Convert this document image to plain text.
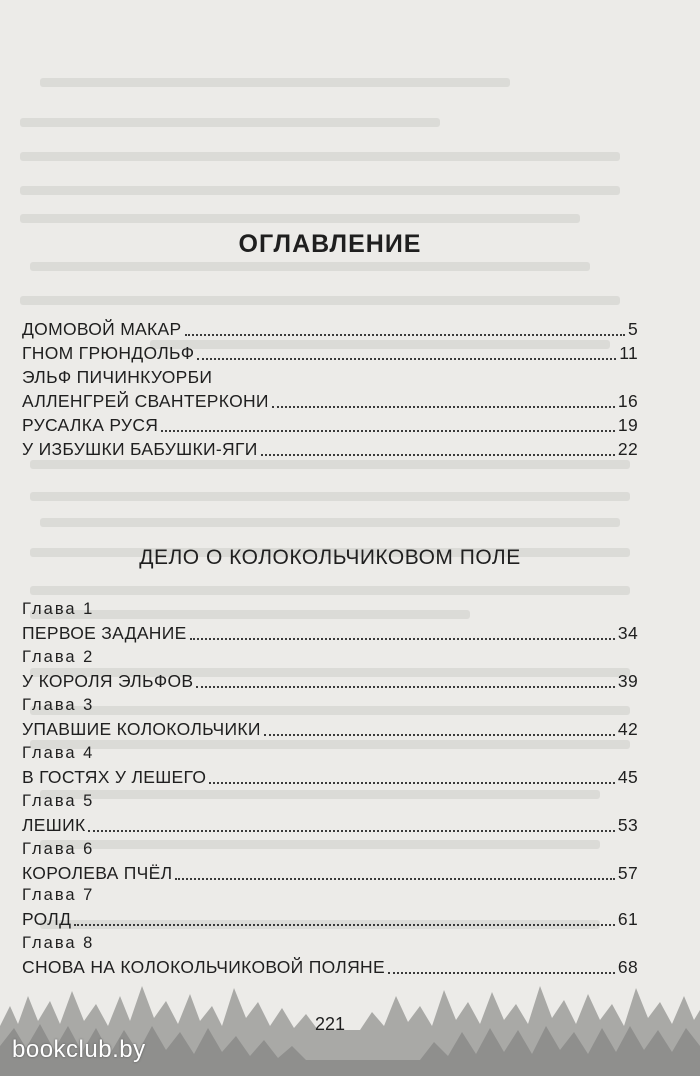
ОГЛАВЛЕНИЕ
ДОМОВОЙ МАКАР	5
ГНОМ ГРЮНДОЛЬФ	11
ЭЛЬФ ПИЧИНКУОРБИ
АЛЛЕНГРЕЙ СВАНТЕРКОНИ	16
РУСАЛКА РУСЯ	19
У ИЗБУШКИ БАБУШКИ-ЯГИ	22
ДЕЛО О КОЛОКОЛЬЧИКОВОМ ПОЛЕ
Глава 1
ПЕРВОЕ ЗАДАНИЕ	34
Глава 2
У КОРОЛЯ ЭЛЬФОВ	39
Глава 3
УПАВШИЕ КОЛОКОЛЬЧИКИ	42
Глава 4
В ГОСТЯХ У ЛЕШЕГО	45
Глава 5
ЛЕШИК	53
Глава 6
КОРОЛЕВА ПЧЁЛ	57
Глава 7
РОЛД	61
Глава 8
СНОВА НА КОЛОКОЛЬЧИКОВОЙ ПОЛЯНЕ	68
221
bookclub.by
